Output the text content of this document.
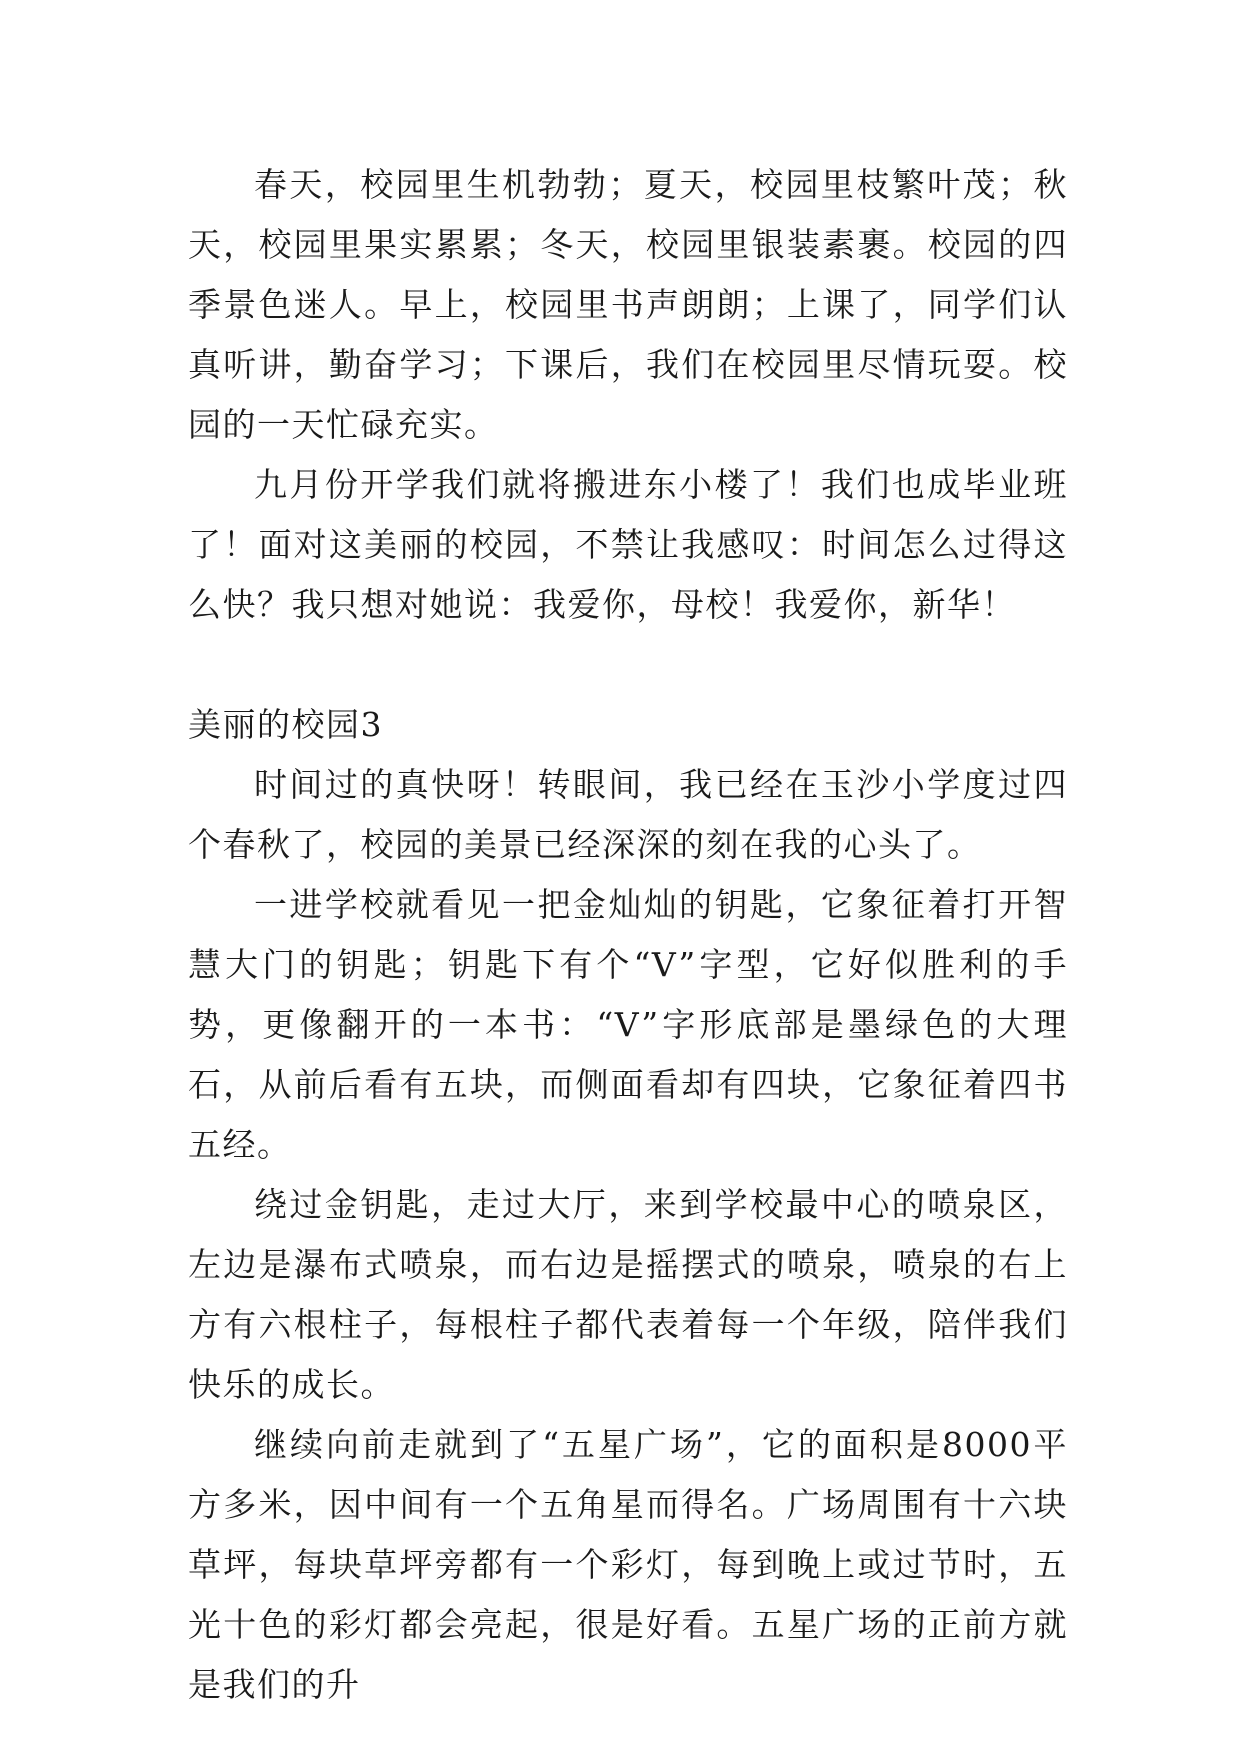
春天，校园里生机勃勃；夏天，校园里枝繁叶茂；秋天，校园里果实累累；冬天，校园里银装素裹。校园的四季景色迷人。早上，校园里书声朗朗；上课了，同学们认真听讲，勤奋学习；下课后，我们在校园里尽情玩耍。校园的一天忙碌充实。

九月份开学我们就将搬进东小楼了！我们也成毕业班了！面对这美丽的校园，不禁让我感叹：时间怎么过得这么快？我只想对她说：我爱你，母校！我爱你，新华！

美丽的校园3

时间过的真快呀！转眼间，我已经在玉沙小学度过四个春秋了，校园的美景已经深深的刻在我的心头了。

一进学校就看见一把金灿灿的钥匙，它象征着打开智慧大门的钥匙；钥匙下有个“V”字型，它好似胜利的手势，更像翻开的一本书：“V”字形底部是墨绿色的大理石，从前后看有五块，而侧面看却有四块，它象征着四书五经。

绕过金钥匙，走过大厅，来到学校最中心的喷泉区，左边是瀑布式喷泉，而右边是摇摆式的喷泉，喷泉的右上方有六根柱子，每根柱子都代表着每一个年级，陪伴我们快乐的成长。

继续向前走就到了“五星广场”，它的面积是8000平方多米，因中间有一个五角星而得名。广场周围有十六块草坪，每块草坪旁都有一个彩灯，每到晚上或过节时，五光十色的彩灯都会亮起，很是好看。五星广场的正前方就是我们的升
